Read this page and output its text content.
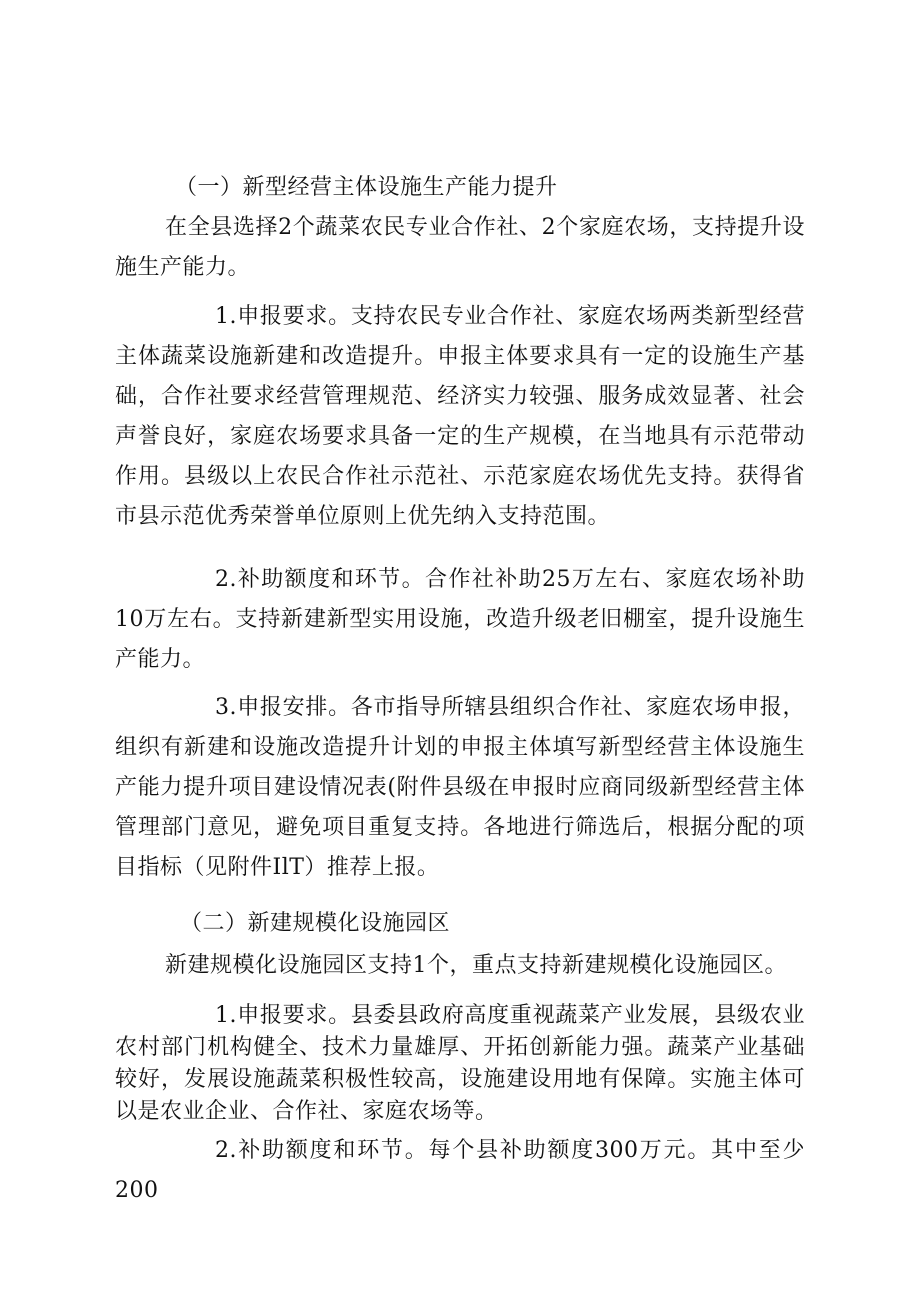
（一）新型经营主体设施生产能力提升

在全县选择2个蔬菜农民专业合作社、2个家庭农场，支持提升设施生产能力。

1.申报要求。支持农民专业合作社、家庭农场两类新型经营主体蔬菜设施新建和改造提升。申报主体要求具有一定的设施生产基础，合作社要求经营管理规范、经济实力较强、服务成效显著、社会声誉良好，家庭农场要求具备一定的生产规模，在当地具有示范带动作用。县级以上农民合作社示范社、示范家庭农场优先支持。获得省市县示范优秀荣誉单位原则上优先纳入支持范围。

2.补助额度和环节。合作社补助25万左右、家庭农场补助10万左右。支持新建新型实用设施，改造升级老旧棚室，提升设施生产能力。

3.申报安排。各市指导所辖县组织合作社、家庭农场申报，组织有新建和设施改造提升计划的申报主体填写新型经营主体设施生产能力提升项目建设情况表(附件县级在申报时应商同级新型经营主体管理部门意见，避免项目重复支持。各地进行筛选后，根据分配的项目指标（见附件IlT）推荐上报。

（二）新建规模化设施园区

新建规模化设施园区支持1个，重点支持新建规模化设施园区。

1.申报要求。县委县政府高度重视蔬菜产业发展，县级农业农村部门机构健全、技术力量雄厚、开拓创新能力强。蔬菜产业基础较好，发展设施蔬菜积极性较高，设施建设用地有保障。实施主体可以是农业企业、合作社、家庭农场等。

2.补助额度和环节。每个县补助额度300万元。其中至少200
